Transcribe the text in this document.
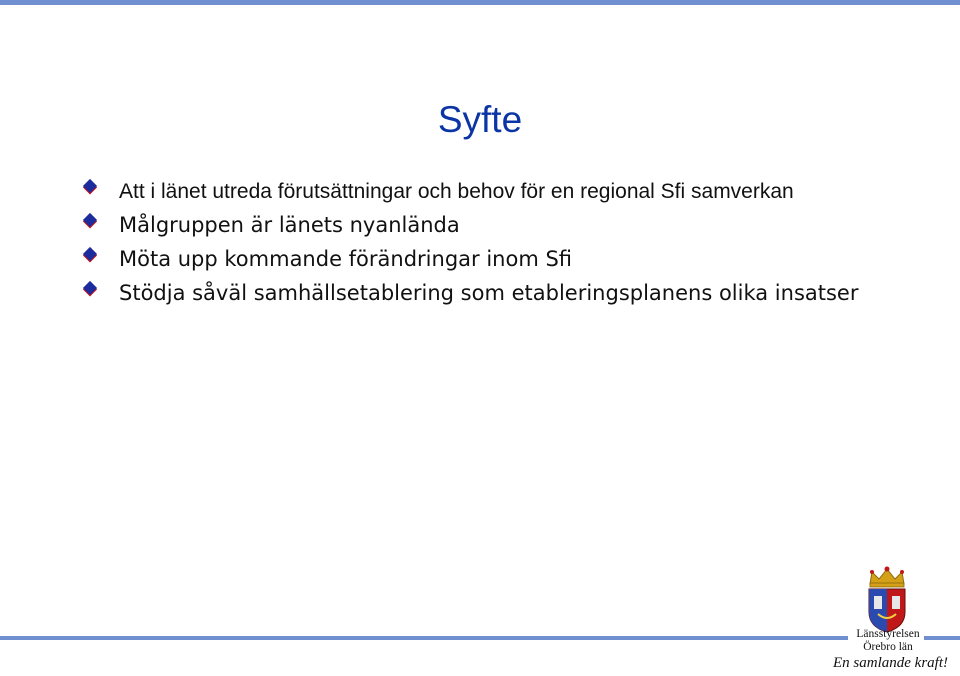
Syfte
Att i länet utreda förutsättningar och behov för en regional Sfi samverkan
Målgruppen är länets nyanlända
Möta upp kommande förändringar inom Sfi
Stödja såväl samhällsetablering som etableringsplanens olika insatser
Länsstyrelsen
Örebro län
En samlande kraft!
